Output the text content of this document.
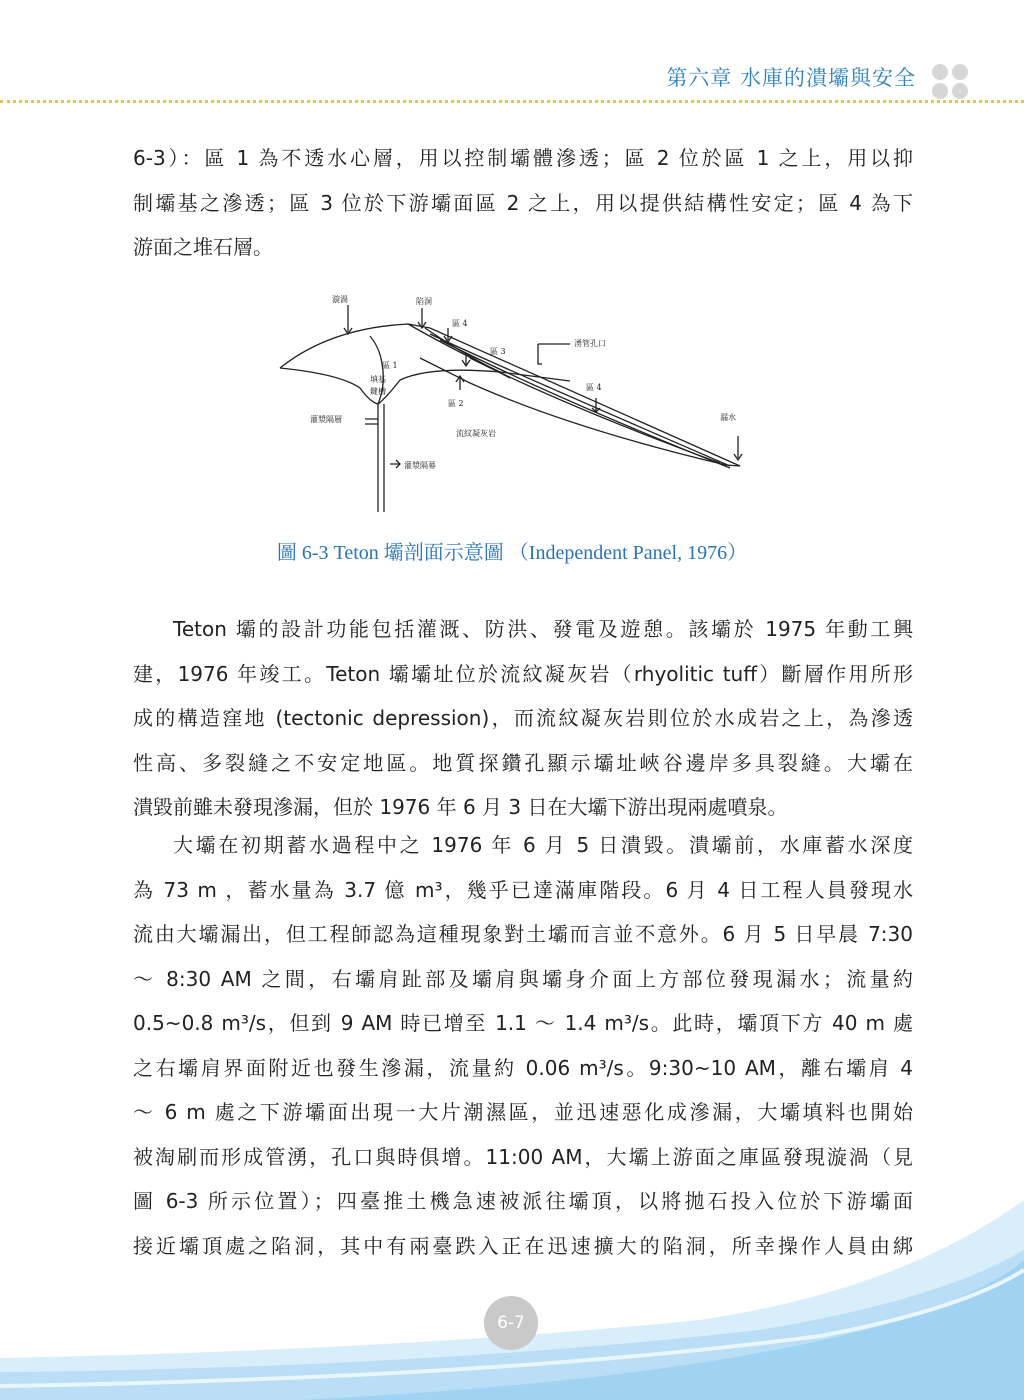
第六章 水庫的潰壩與安全
6-3）：區 1 為不透水心層，用以控制壩體滲透；區 2 位於區 1 之上，用以抑
制壩基之滲透；區 3 位於下游壩面區 2 之上，用以提供結構性安定；區 4 為下
游面之堆石層。
漩渦	陷洞
區 4
區 3
湧管孔口
區 1
填基
鍵槽	區 4
區 2
灌漿隔層	漏水
流紋凝灰岩
灌漿隔幕
圖 6-3 Teton 壩剖面示意圖 （Independent Panel, 1976）
Teton 壩的設計功能包括灌溉、防洪、發電及遊憩。該壩於 1975 年動工興
建，1976 年竣工。Teton 壩壩址位於流紋凝灰岩（rhyolitic tuff）斷層作用所形
成的構造窪地 (tectonic depression)，而流紋凝灰岩則位於水成岩之上，為滲透
性高、多裂縫之不安定地區。地質探鑽孔顯示壩址峽谷邊岸多具裂縫。大壩在
潰毀前雖未發現滲漏，但於 1976 年 6 月 3 日在大壩下游出現兩處噴泉。
大壩在初期蓄水過程中之 1976 年 6 月 5 日潰毀。潰壩前，水庫蓄水深度
為 73 m ，蓄水量為 3.7 億 m³，幾乎已達滿庫階段。6 月 4 日工程人員發現水
流由大壩漏出，但工程師認為這種現象對土壩而言並不意外。6 月 5 日早晨 7:30
～ 8:30 AM 之間，右壩肩趾部及壩肩與壩身介面上方部位發現漏水；流量約
0.5~0.8 m³/s，但到 9 AM 時已增至 1.1 ～ 1.4 m³/s。此時，壩頂下方 40 m 處
之右壩肩界面附近也發生滲漏，流量約 0.06 m³/s。9:30~10 AM，離右壩肩 4
～ 6 m 處之下游壩面出現一大片潮濕區，並迅速惡化成滲漏，大壩填料也開始
被淘刷而形成管湧，孔口與時俱增。11:00 AM，大壩上游面之庫區發現漩渦（見
圖 6-3 所示位置）；四臺推土機急速被派往壩頂，以將拋石投入位於下游壩面
接近壩頂處之陷洞，其中有兩臺跌入正在迅速擴大的陷洞，所幸操作人員由綁
6-7
